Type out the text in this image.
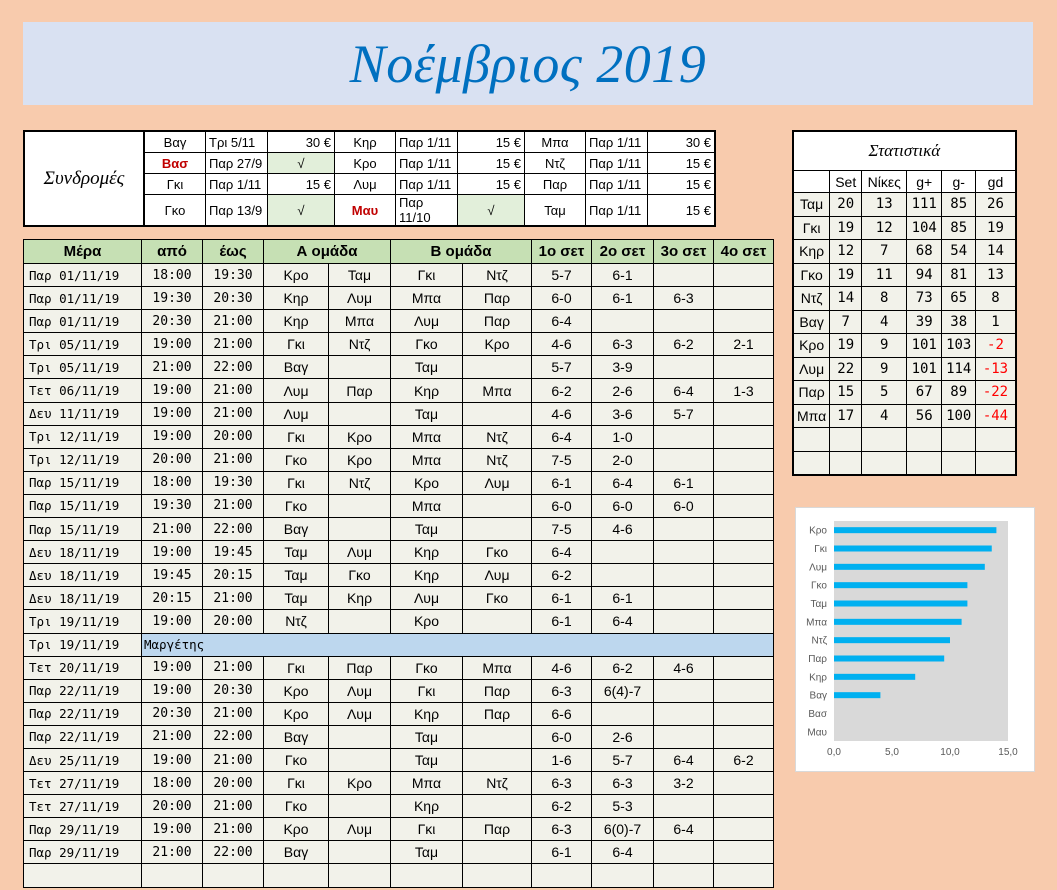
Νοέμβριος 2019
Συνδρομές	Βαγ	Τρι 5/11	30 €	Κηρ	Παρ 1/11	15 €	Μπα	Παρ 1/11	30 €
	Βασ	Παρ 27/9	√	Κρο	Παρ 1/11	15 €	Ντζ	Παρ 1/11	15 €
	Γκι	Παρ 1/11	15 €	Λυμ	Παρ 1/11	15 €	Παρ	Παρ 1/11	15 €
	Γκο	Παρ 13/9	√	Μαυ	Παρ 11/10	√	Ταμ	Παρ 1/11	15 €
Μέρα	από	έως	Α ομάδα		Β ομάδα		1ο σετ	2ο σετ	3ο σετ	4ο σετ
Παρ 01/11/19	18:00	19:30	Κρο	Ταμ	Γκι	Ντζ	5-7	6-1		
Παρ 01/11/19	19:30	20:30	Κηρ	Λυμ	Μπα	Παρ	6-0	6-1	6-3	
Παρ 01/11/19	20:30	21:00	Κηρ	Μπα	Λυμ	Παρ	6-4			
Τρι 05/11/19	19:00	21:00	Γκι	Ντζ	Γκο	Κρο	4-6	6-3	6-2	2-1
Τρι 05/11/19	21:00	22:00	Βαγ		Ταμ		5-7	3-9		
Τετ 06/11/19	19:00	21:00	Λυμ	Παρ	Κηρ	Μπα	6-2	2-6	6-4	1-3
Δευ 11/11/19	19:00	21:00	Λυμ		Ταμ		4-6	3-6	5-7	
Τρι 12/11/19	19:00	20:00	Γκι	Κρο	Μπα	Ντζ	6-4	1-0		
Τρι 12/11/19	20:00	21:00	Γκο	Κρο	Μπα	Ντζ	7-5	2-0		
Παρ 15/11/19	18:00	19:30	Γκι	Ντζ	Κρο	Λυμ	6-1	6-4	6-1	
Παρ 15/11/19	19:30	21:00	Γκο		Μπα		6-0	6-0	6-0	
Παρ 15/11/19	21:00	22:00	Βαγ		Ταμ		7-5	4-6		
Δευ 18/11/19	19:00	19:45	Ταμ	Λυμ	Κηρ	Γκο	6-4			
Δευ 18/11/19	19:45	20:15	Ταμ	Γκο	Κηρ	Λυμ	6-2			
Δευ 18/11/19	20:15	21:00	Ταμ	Κηρ	Λυμ	Γκο	6-1	6-1		
Τρι 19/11/19	19:00	20:00	Ντζ		Κρο		6-1	6-4		
Τρι 19/11/19	Μαργέτης									
Τετ 20/11/19	19:00	21:00	Γκι	Παρ	Γκο	Μπα	4-6	6-2	4-6	
Παρ 22/11/19	19:00	20:30	Κρο	Λυμ	Γκι	Παρ	6-3	6(4)-7		
Παρ 22/11/19	20:30	21:00	Κρο	Λυμ	Κηρ	Παρ	6-6			
Παρ 22/11/19	21:00	22:00	Βαγ		Ταμ		6-0	2-6		
Δευ 25/11/19	19:00	21:00	Γκο		Ταμ		1-6	5-7	6-4	6-2
Τετ 27/11/19	18:00	20:00	Γκι	Κρο	Μπα	Ντζ	6-3	6-3	3-2	
Τετ 27/11/19	20:00	21:00	Γκο		Κηρ		6-2	5-3		
Παρ 29/11/19	19:00	21:00	Κρο	Λυμ	Γκι	Παρ	6-3	6(0)-7	6-4	
Παρ 29/11/19	21:00	22:00	Βαγ		Ταμ		6-1	6-4		

Στατιστικά					
	Set	Νίκες	g+	g-	gd
Ταμ	20	13	111	85	26
Γκι	19	12	104	85	19
Κηρ	12	7	68	54	14
Γκο	19	11	94	81	13
Ντζ	14	8	73	65	8
Βαγ	7	4	39	38	1
Κρο	19	9	101	103	-2
Λυμ	22	9	101	114	-13
Παρ	15	5	67	89	-22
Μπα	17	4	56	100	-44

Κρο
Γκι
Λυμ
Γκο
Ταμ
Μπα
Ντζ
Παρ
Κηρ
Βαγ
Βασ
Μαυ
0,0	5,0	10,0	15,0
